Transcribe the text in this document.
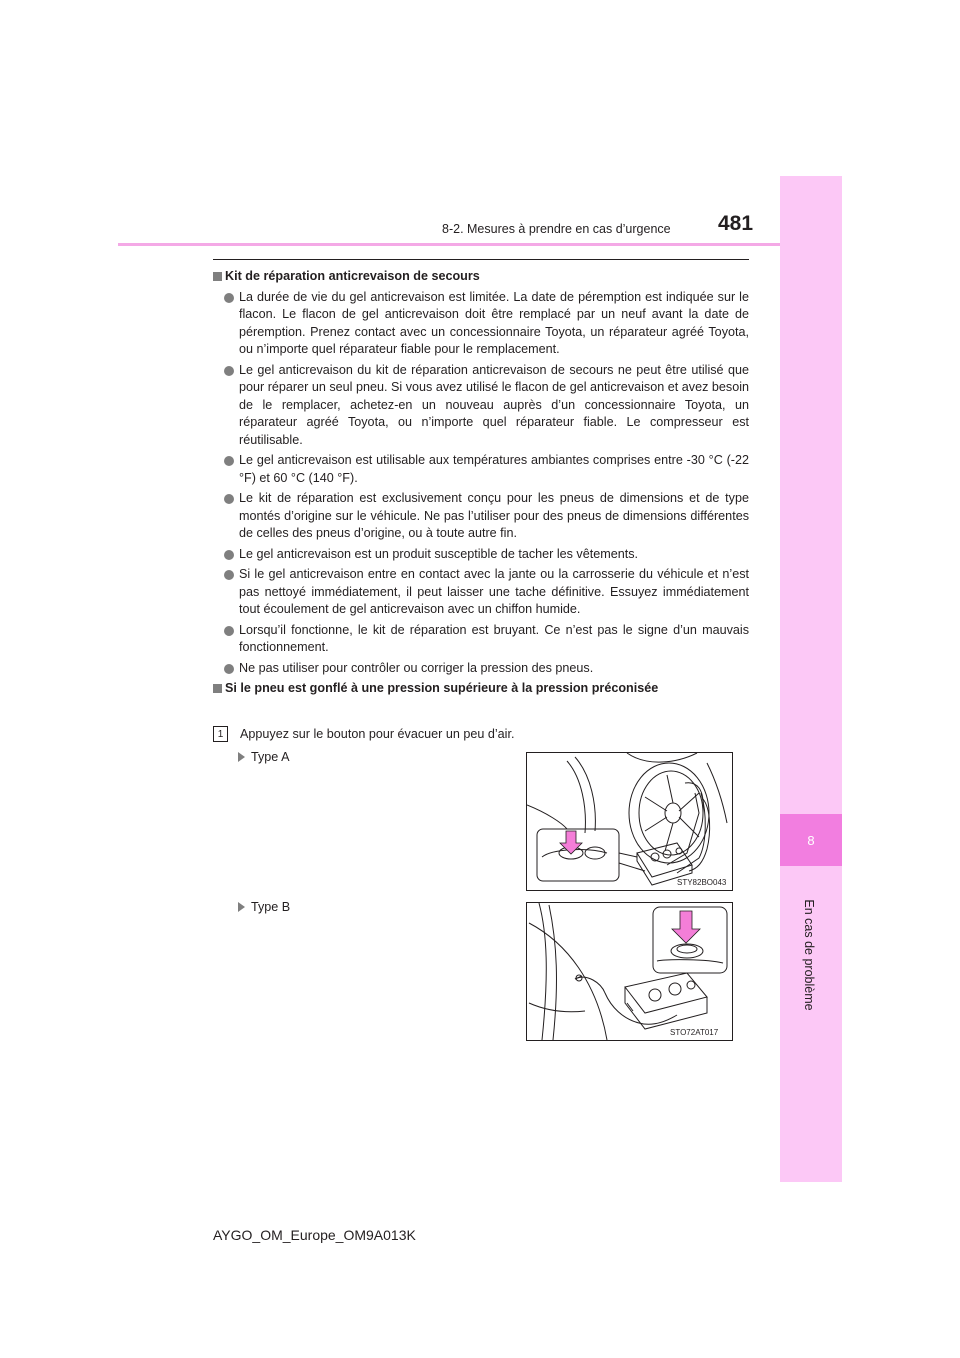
8-2. Mesures à prendre en cas d’urgence 481
8
En cas de problème
Kit de réparation anticrevaison de secours
La durée de vie du gel anticrevaison est limitée. La date de péremption est indiquée sur le flacon. Le flacon de gel anticrevaison doit être remplacé par un neuf avant la date de péremption. Prenez contact avec un concessionnaire Toyota, un réparateur agréé Toyota, ou n’importe quel réparateur fiable pour le remplacement.
Le gel anticrevaison du kit de réparation anticrevaison de secours ne peut être utilisé que pour réparer un seul pneu. Si vous avez utilisé le flacon de gel anticrevaison et avez besoin de le remplacer, achetez-en un nouveau auprès d’un concessionnaire Toyota, un réparateur agréé Toyota, ou n’importe quel réparateur fiable. Le compresseur est réutilisable.
Le gel anticrevaison est utilisable aux températures ambiantes comprises entre -30 °C (-22 °F) et 60 °C (140 °F).
Le kit de réparation est exclusivement conçu pour les pneus de dimensions et de type montés d’origine sur le véhicule. Ne pas l’utiliser pour des pneus de dimensions différentes de celles des pneus d’origine, ou à toute autre fin.
Le gel anticrevaison est un produit susceptible de tacher les vêtements.
Si le gel anticrevaison entre en contact avec la jante ou la carrosserie du véhicule et n’est pas nettoyé immédiatement, il peut laisser une tache définitive. Essuyez immédiatement tout écoulement de gel anticrevaison avec un chiffon humide.
Lorsqu’il fonctionne, le kit de réparation est bruyant. Ce n’est pas le signe d’un mauvais fonctionnement.
Ne pas utiliser pour contrôler ou corriger la pression des pneus.
Si le pneu est gonflé à une pression supérieure à la pression préconisée
1	Appuyez sur le bouton pour évacuer un peu d’air.
Type A
STY82BO043
Type B
STO72AT017
AYGO_OM_Europe_OM9A013K
